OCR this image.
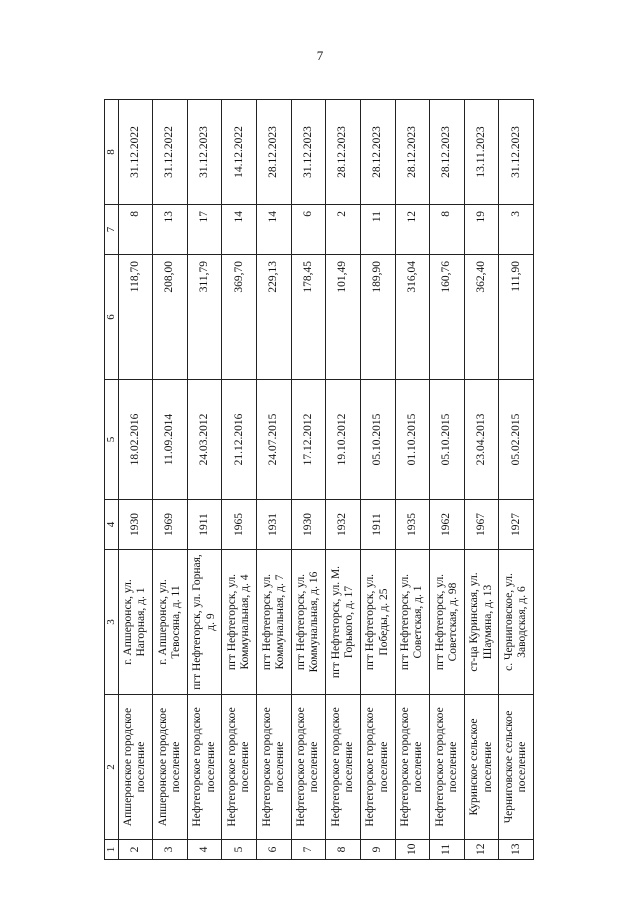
7
1	2	3	4	5	6	7	8
2	Апшеронское городское поселение	г. Апшеронск, ул. Нагорная, д. 1	1930	18.02.2016	118,70	8	31.12.2022
3	Апшеронское городское поселение	г. Апшеронск, ул. Тевосяна, д. 11	1969	11.09.2014	208,00	13	31.12.2022
4	Нефтегорское городское поселение	пгт Нефтегорск, ул. Горная, д. 9	1911	24.03.2012	311,79	17	31.12.2023
5	Нефтегорское городское поселение	пгт Нефтегорск, ул. Коммунальная, д. 4	1965	21.12.2016	369,70	14	14.12.2022
6	Нефтегорское городское поселение	пгт Нефтегорск, ул. Коммунальная, д. 7	1931	24.07.2015	229,13	14	28.12.2023
7	Нефтегорское городское поселение	пгт Нефтегорск, ул. Коммунальная, д. 16	1930	17.12.2012	178,45	6	31.12.2023
8	Нефтегорское городское поселение	пгт Нефтегорск, ул. М. Горького, д. 17	1932	19.10.2012	101,49	2	28.12.2023
9	Нефтегорское городское поселение	пгт Нефтегорск, ул. Победы, д. 25	1911	05.10.2015	189,90	11	28.12.2023
10	Нефтегорское городское поселение	пгт Нефтегорск, ул. Советская, д. 1	1935	01.10.2015	316,04	12	28.12.2023
11	Нефтегорское городское поселение	пгт Нефтегорск, ул. Советская, д. 98	1962	05.10.2015	160,76	8	28.12.2023
12	Куринское сельское поселение	ст-ца Куринская, ул. Шаумяна, д. 13	1967	23.04.2013	362,40	19	13.11.2023
13	Черниговское сельское поселение	с. Черниговское, ул. Заводская, д. 6	1927	05.02.2015	111,90	3	31.12.2023
